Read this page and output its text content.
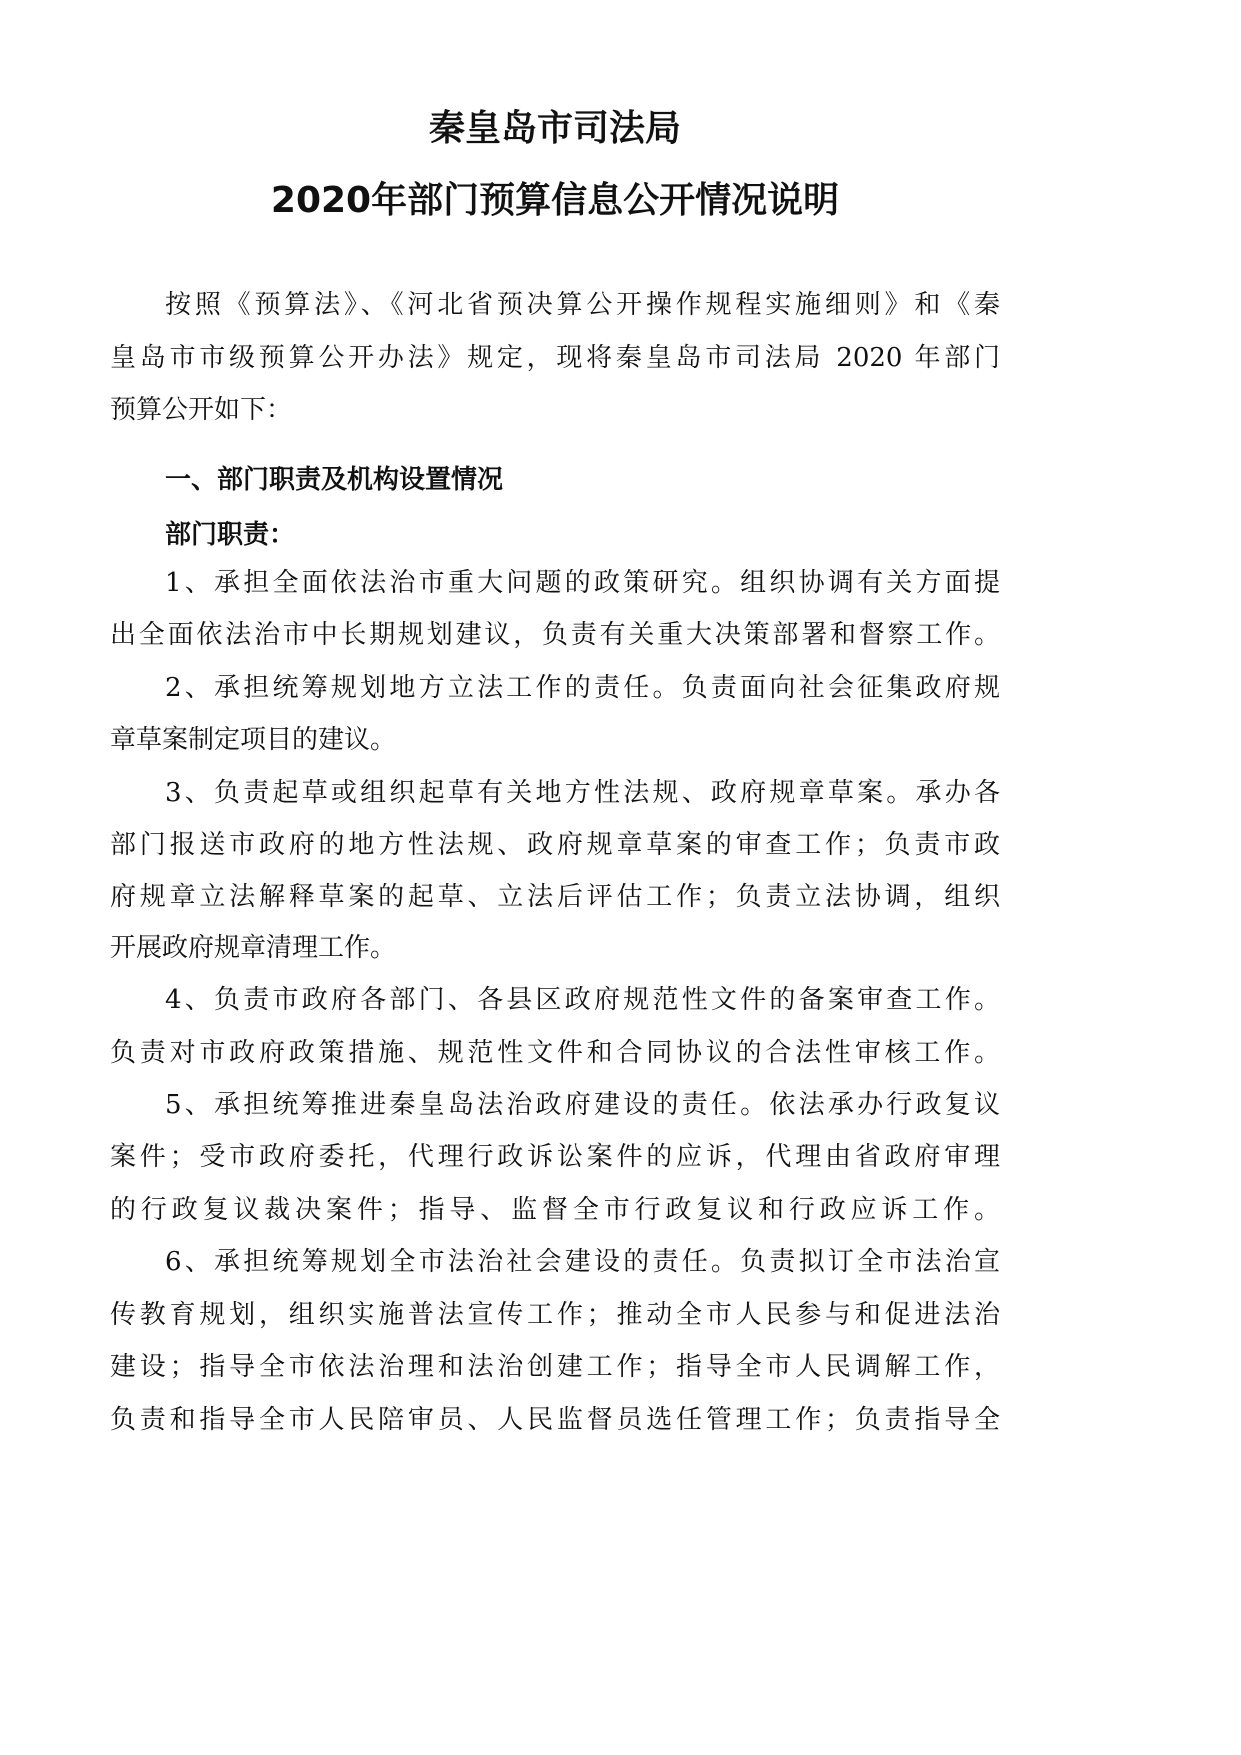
秦皇岛市司法局
2020年部门预算信息公开情况说明
按照《预算法》、《河北省预决算公开操作规程实施细则》和《秦
皇岛市市级预算公开办法》规定，现将秦皇岛市司法局 2020 年部门
预算公开如下：
一、部门职责及机构设置情况
部门职责：
1、承担全面依法治市重大问题的政策研究。组织协调有关方面提
出全面依法治市中长期规划建议，负责有关重大决策部署和督察工作。
2、承担统筹规划地方立法工作的责任。负责面向社会征集政府规
章草案制定项目的建议。
3、负责起草或组织起草有关地方性法规、政府规章草案。承办各
部门报送市政府的地方性法规、政府规章草案的审查工作；负责市政
府规章立法解释草案的起草、立法后评估工作；负责立法协调，组织
开展政府规章清理工作。
4、负责市政府各部门、各县区政府规范性文件的备案审查工作。
负责对市政府政策措施、规范性文件和合同协议的合法性审核工作。
5、承担统筹推进秦皇岛法治政府建设的责任。依法承办行政复议
案件；受市政府委托，代理行政诉讼案件的应诉，代理由省政府审理
的行政复议裁决案件；指导、监督全市行政复议和行政应诉工作。
6、承担统筹规划全市法治社会建设的责任。负责拟订全市法治宣
传教育规划，组织实施普法宣传工作；推动全市人民参与和促进法治
建设；指导全市依法治理和法治创建工作；指导全市人民调解工作，
负责和指导全市人民陪审员、人民监督员选任管理工作；负责指导全
